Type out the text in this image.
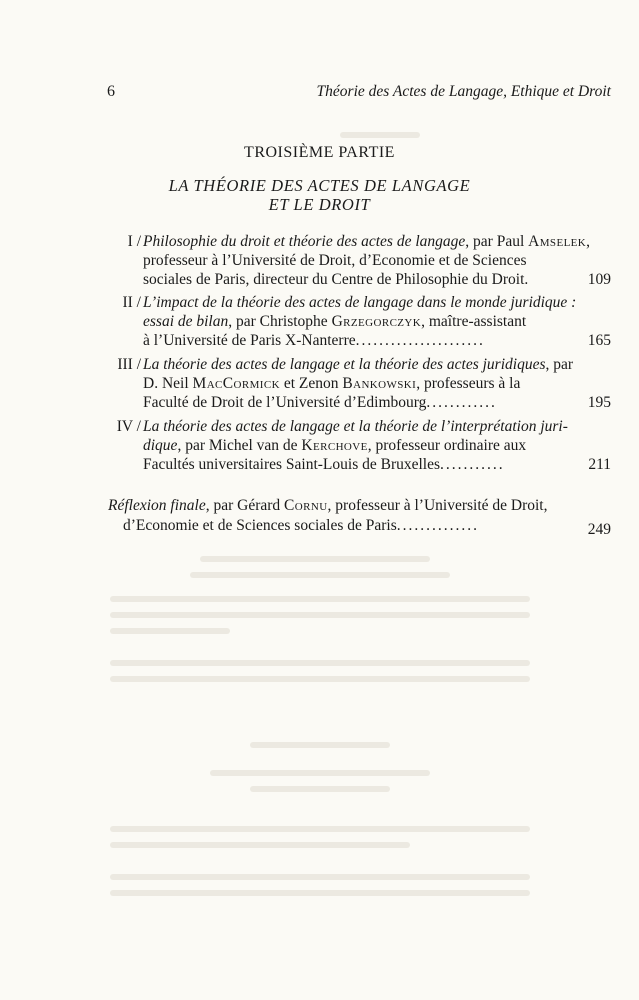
6	Théorie des Actes de Langage, Ethique et Droit
TROISIÈME PARTIE
LA THÉORIE DES ACTES DE LANGAGE
ET LE DROIT
I / Philosophie du droit et théorie des actes de langage, par Paul Amselek,
professeur à l’Université de Droit, d’Economie et de Sciences
sociales de Paris, directeur du Centre de Philosophie du Droit.	109
II / L’impact de la théorie des actes de langage dans le monde juridique :
essai de bilan, par Christophe Grzegorczyk, maître-assistant
à l’Université de Paris X-Nanterre......................	165
III / La théorie des actes de langage et la théorie des actes juridiques, par
D. Neil MacCormick et Zenon Bankowski, professeurs à la
Faculté de Droit de l’Université d’Edimbourg............	195
IV / La théorie des actes de langage et la théorie de l’interprétation juri-
dique, par Michel van de Kerchove, professeur ordinaire aux
Facultés universitaires Saint-Louis de Bruxelles...........	211
Réflexion finale, par Gérard Cornu, professeur à l’Université de Droit,
d’Economie et de Sciences sociales de Paris..............	249
